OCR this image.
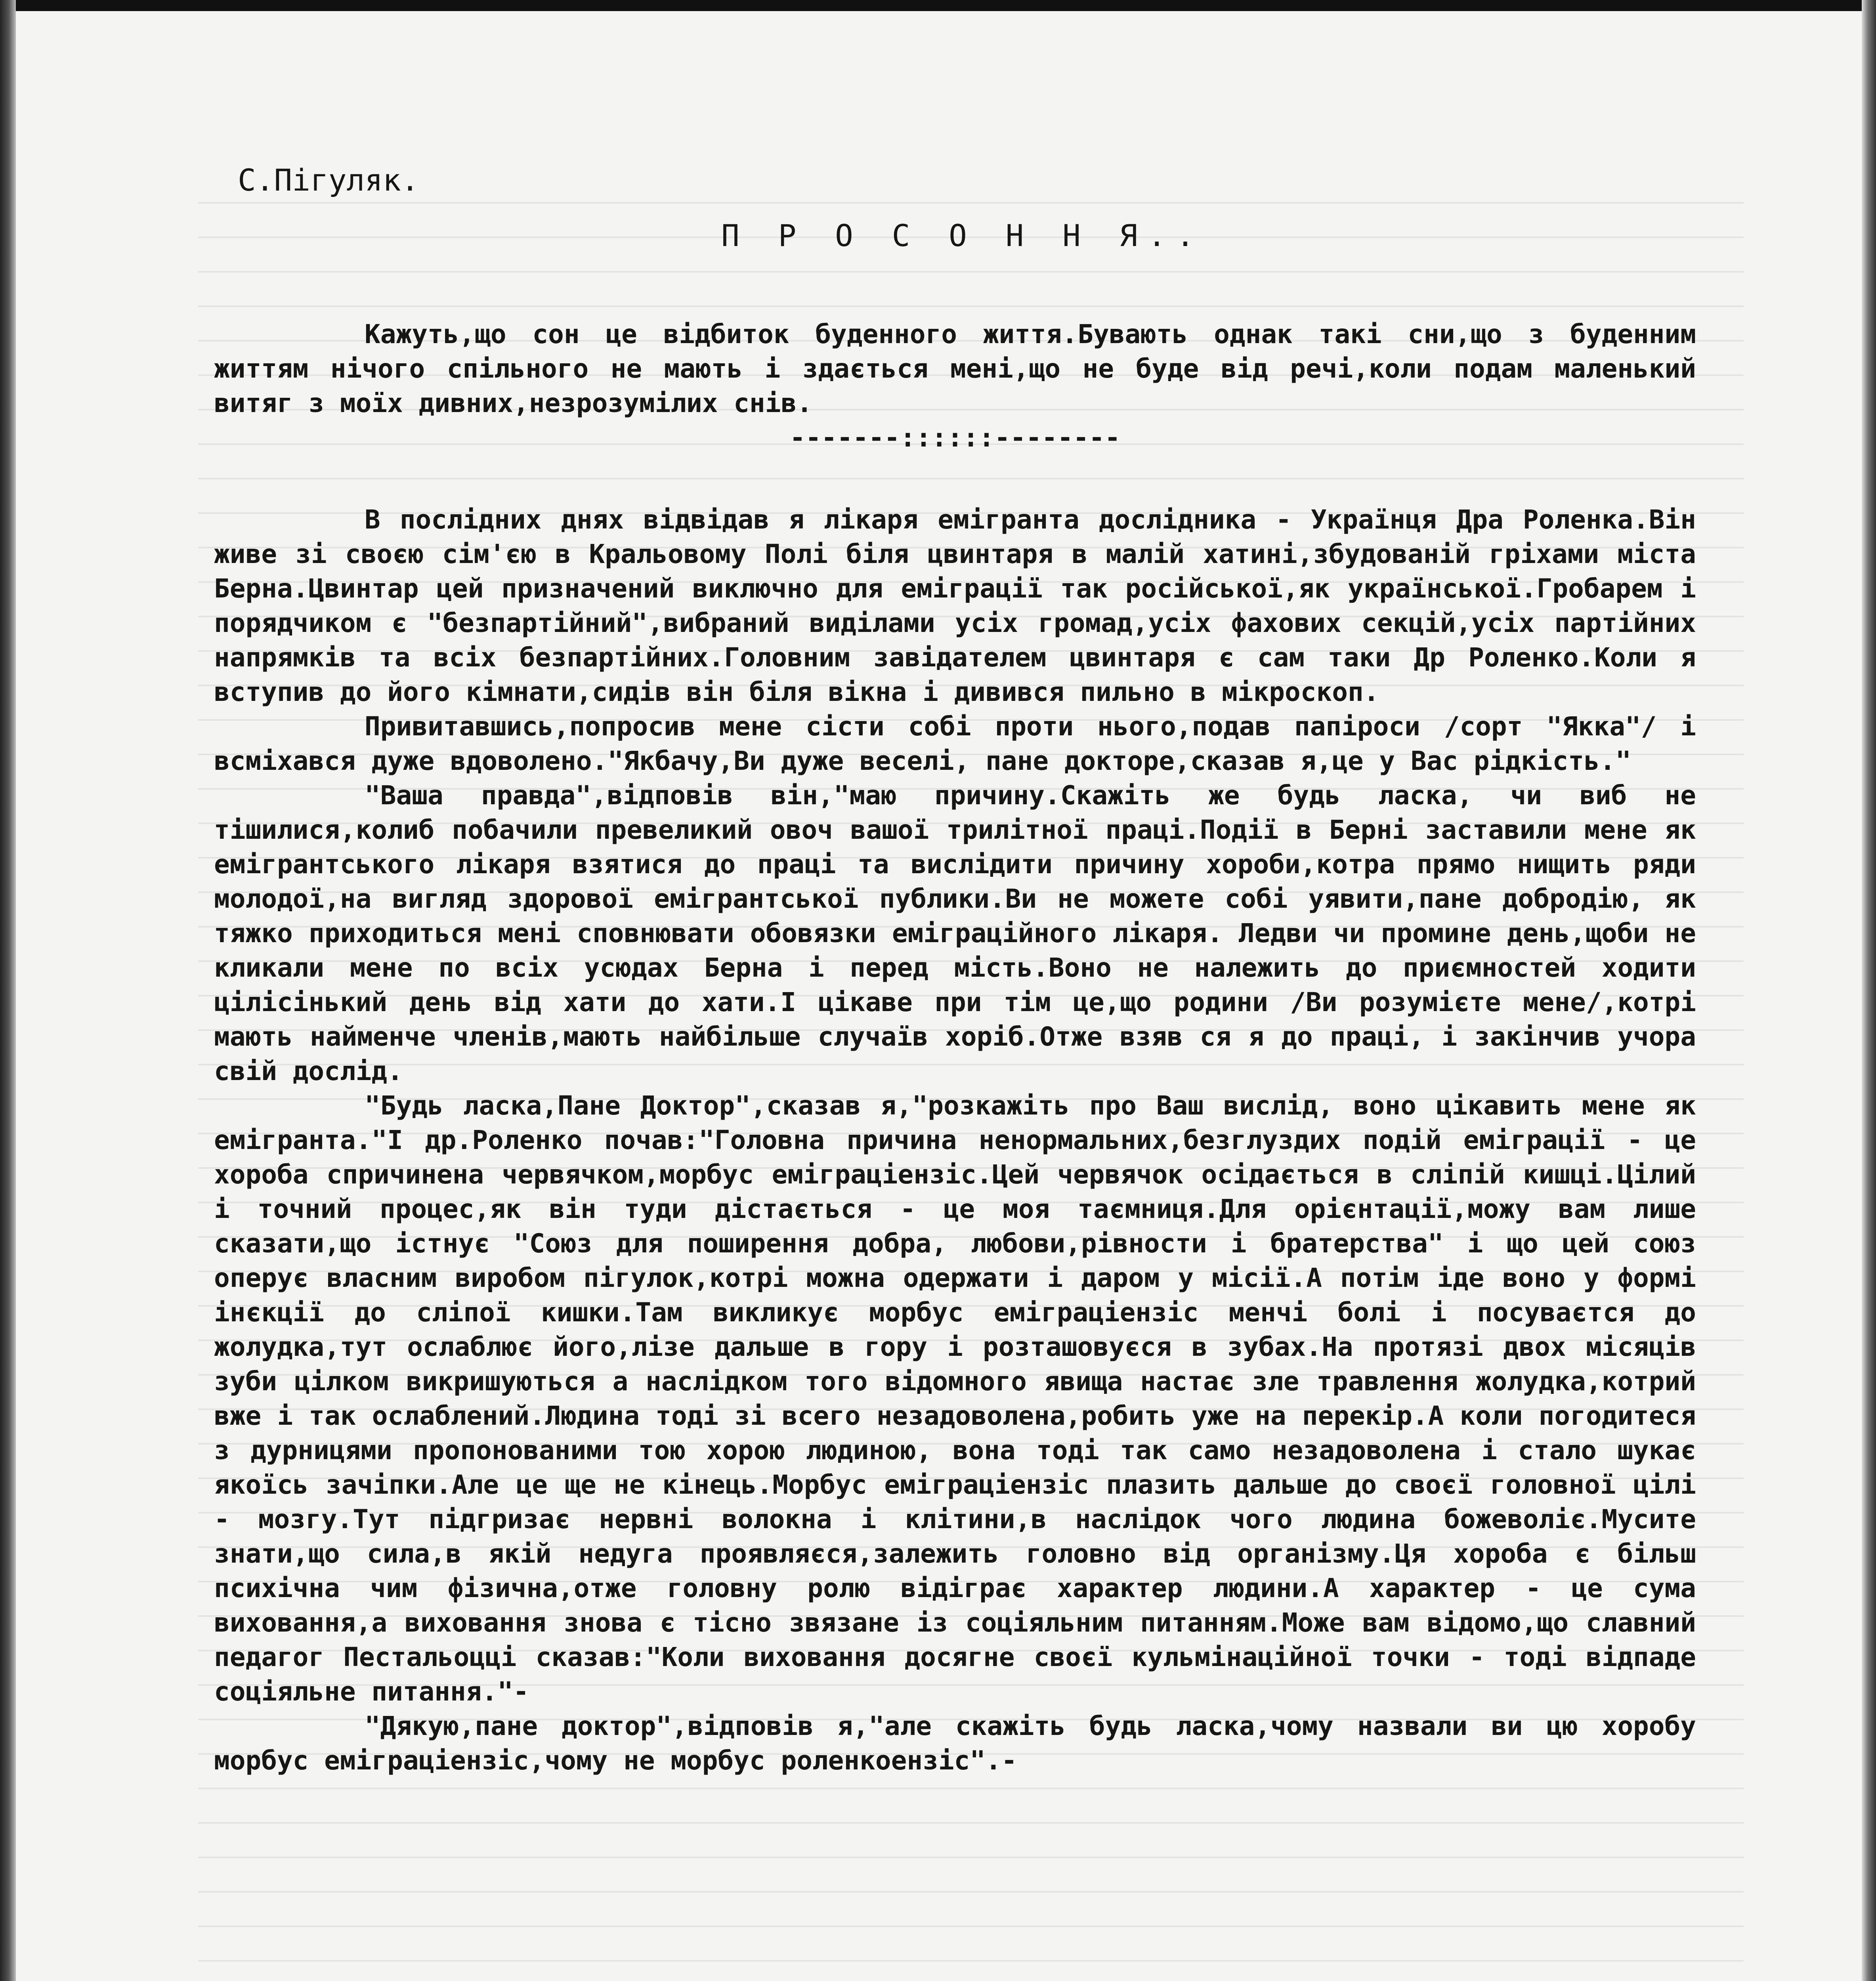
С.Пігуляк.
П Р О С О Н Н Я..

Кажуть,що сон це відбиток буденного життя.Бувають однак такі сни,що з буденним життям нічого спільного не мають і здається мені,що не буде від речі,коли подам маленький витяг з моїх дивних,незрозумілих снів.

-------::::::--------

В послідних днях відвідав я лікаря емігранта дослідника - Українця Дра Роленка.Він живе зі своєю сім'єю в Кральовому Полі біля цвинтаря в малій хатині,збудованій гріхами міста Берна.Цвинтар цей призначений виключно для еміграції так російської,як української.Гробарем і порядчиком є "безпартійний",вибраний виділами усіх громад,усіх фахових секцій,усіх партійних напрямків та всіх безпартійних.Головним завідателем цвинтаря є сам таки Др Роленко.Коли я вступив до його кімнати,сидів він біля вікна і дивився пильно в мікроскоп.

Привитавшись,попросив мене сісти собі проти нього,подав папіроси /сорт "Якка"/ і всміхався дуже вдоволено."Якбачу,Ви дуже веселі, пане докторе,сказав я,це у Вас рідкість."

"Ваша правда",відповів він,"маю причину.Скажіть же будь ласка, чи виб не тішилися,колиб побачили превеликий овоч вашої трилітної праці.Події в Берні заставили мене як емігрантського лікаря взятися до праці та вислідити причину хороби,котра прямо нищить ряди молодої,на вигляд здорової емігрантської публики.Ви не можете собі уявити,пане добродію, як тяжко приходиться мені сповнювати обовязки еміграційного лікаря. Ледви чи промине день,щоби не кликали мене по всіх усюдах Берна і перед мість.Воно не належить до приємностей ходити цілісінький день від хати до хати.І цікаве при тім це,що родини /Ви розумієте мене/,котрі мають найменче членів,мають найбільше случаїв хоріб.Отже взяв ся я до праці, і закінчив учора свій дослід.

"Будь ласка,Пане Доктор",сказав я,"розкажіть про Ваш вислід, воно цікавить мене як емігранта."І др.Роленко почав:"Головна причина ненормальних,безглуздих подій еміграції - це хороба спричинена червячком,морбус еміграціензіс.Цей червячок осідається в сліпій кишці.Цілий і точний процес,як він туди дістається - це моя таємниця.Для орієнтації,можу вам лише сказати,що істнує "Союз для поширення добра, любови,рівности і братерства" і що цей союз оперує власним виробом пігулок,котрі можна одержати і даром у місії.А потім іде воно у формі інєкції до сліпої кишки.Там викликує морбус еміграціензіс менчі болі і посуваєтся до жолудка,тут ослаблює його,лізе дальше в гору і розташовуєся в зубах.На протязі двох місяців зуби цілком викришуються а наслідком того відомного явища настає зле травлення жолудка,котрий вже і так ослаблений.Людина тоді зі всего незадоволена,робить уже на перекір.А коли погодитеся з дурницями пропонованими тою хорою людиною, вона тоді так само незадоволена і стало шукає якоїсь зачіпки.Але це ще не кінець.Морбус еміграціензіс плазить дальше до своєї головної цілі - мозгу.Тут підгризає нервні волокна і клітини,в наслідок чого людина божеволіє.Мусите знати,що сила,в якій недуга проявляєся,залежить головно від організму.Ця хороба є більш психічна чим фізична,отже головну ролю відіграє характер людини.А характер - це сума виховання,а виховання знова є тісно звязане із соціяльним питанням.Може вам відомо,що славний педагог Пестальоцці сказав:"Коли виховання досягне своєї кульмінаційної точки - тоді відпаде соціяльне питання."-

"Дякую,пане доктор",відповів я,"але скажіть будь ласка,чому назвали ви цю хоробу морбус еміграціензіс,чому не морбус роленкоензіс".-
